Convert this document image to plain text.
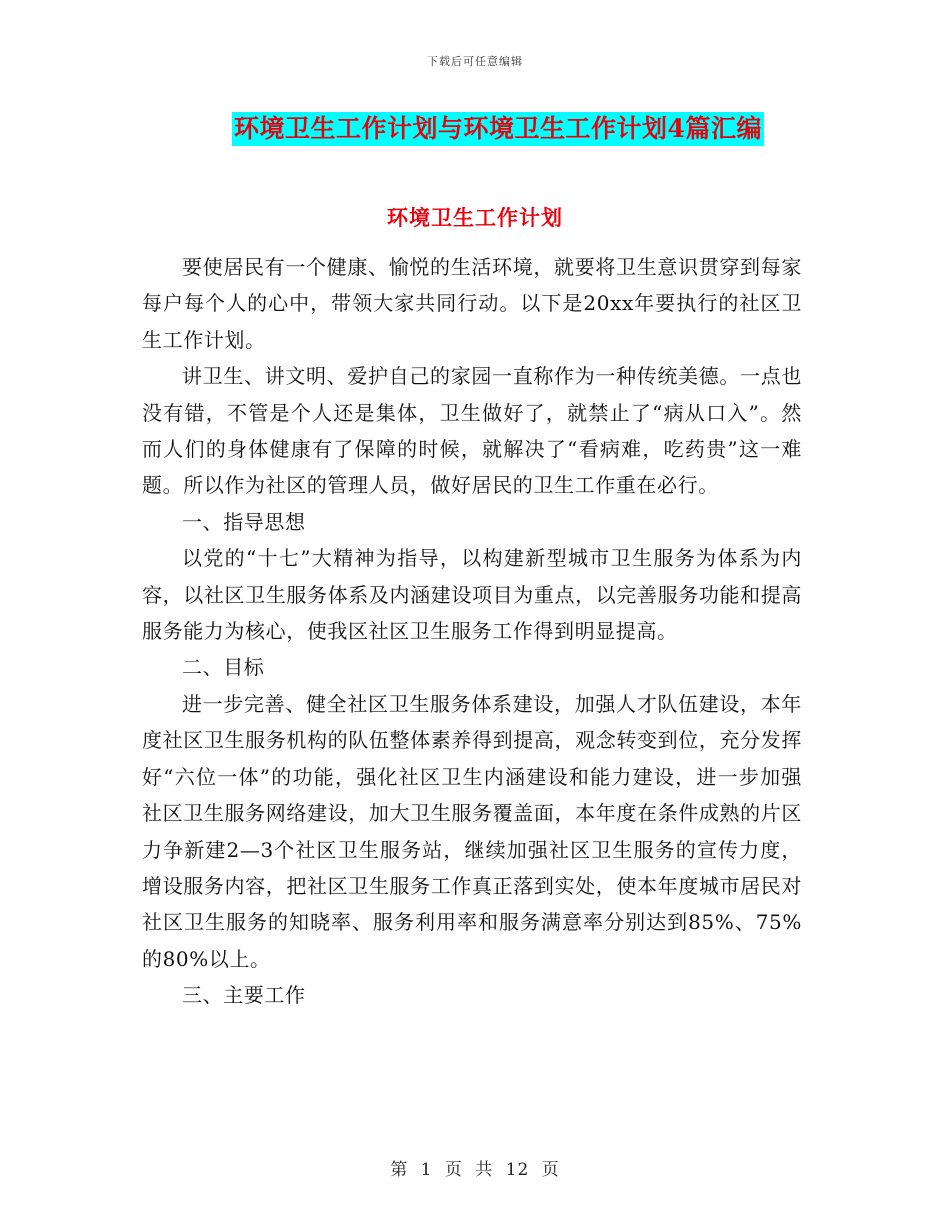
下载后可任意编辑
环境卫生工作计划与环境卫生工作计划4篇汇编
环境卫生工作计划

要使居民有一个健康、愉悦的生活环境，就要将卫生意识贯穿到每家每户每个人的心中，带领大家共同行动。以下是20xx年要执行的社区卫生工作计划。

讲卫生、讲文明、爱护自己的家园一直称作为一种传统美德。一点也没有错，不管是个人还是集体，卫生做好了，就禁止了“病从口入”。然而人们的身体健康有了保障的时候，就解决了“看病难，吃药贵”这一难题。所以作为社区的管理人员，做好居民的卫生工作重在必行。

一、指导思想

以党的“十七”大精神为指导，以构建新型城市卫生服务为体系为内容，以社区卫生服务体系及内涵建设项目为重点，以完善服务功能和提高服务能力为核心，使我区社区卫生服务工作得到明显提高。

二、目标

进一步完善、健全社区卫生服务体系建设，加强人才队伍建设，本年度社区卫生服务机构的队伍整体素养得到提高，观念转变到位，充分发挥好“六位一体”的功能，强化社区卫生内涵建设和能力建设，进一步加强社区卫生服务网络建设，加大卫生服务覆盖面，本年度在条件成熟的片区力争新建2—3个社区卫生服务站，继续加强社区卫生服务的宣传力度，增设服务内容，把社区卫生服务工作真正落到实处，使本年度城市居民对社区卫生服务的知晓率、服务利用率和服务满意率分别达到85%、75%的80%以上。

三、主要工作

第 1 页 共 12 页
